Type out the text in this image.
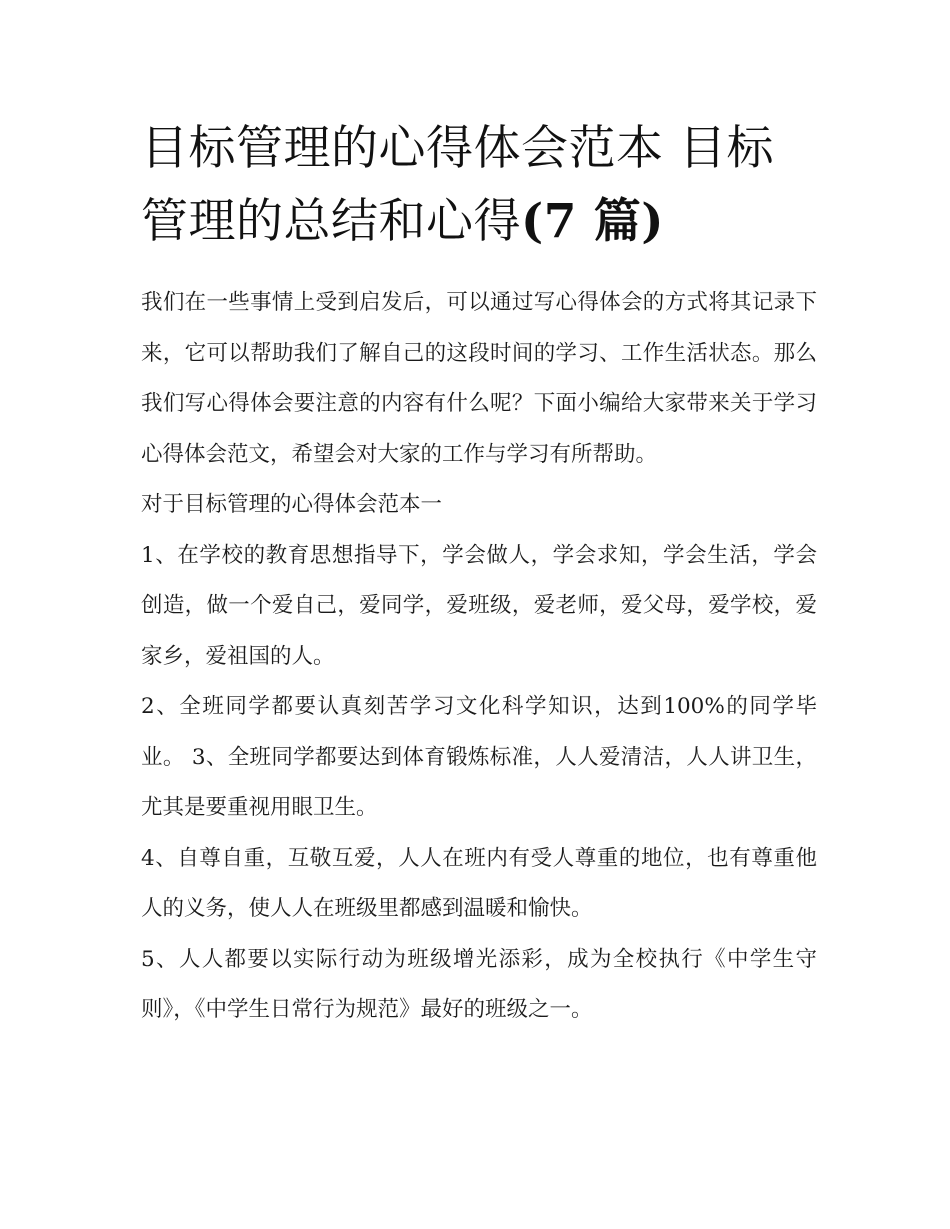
目标管理的心得体会范本 目标管理的总结和心得(7 篇)

我们在一些事情上受到启发后，可以通过写心得体会的方式将其记录下来，它可以帮助我们了解自己的这段时间的学习、工作生活状态。那么我们写心得体会要注意的内容有什么呢？下面小编给大家带来关于学习心得体会范文，希望会对大家的工作与学习有所帮助。

对于目标管理的心得体会范本一

1、在学校的教育思想指导下，学会做人，学会求知，学会生活，学会创造，做一个爱自己，爱同学，爱班级，爱老师，爱父母，爱学校，爱家乡，爱祖国的人。

2、全班同学都要认真刻苦学习文化科学知识，达到100%的同学毕业。 3、全班同学都要达到体育锻炼标准，人人爱清洁，人人讲卫生，尤其是要重视用眼卫生。

4、自尊自重，互敬互爱，人人在班内有受人尊重的地位，也有尊重他人的义务，使人人在班级里都感到温暖和愉快。

5、人人都要以实际行动为班级增光添彩，成为全校执行《中学生守则》，《中学生日常行为规范》最好的班级之一。
